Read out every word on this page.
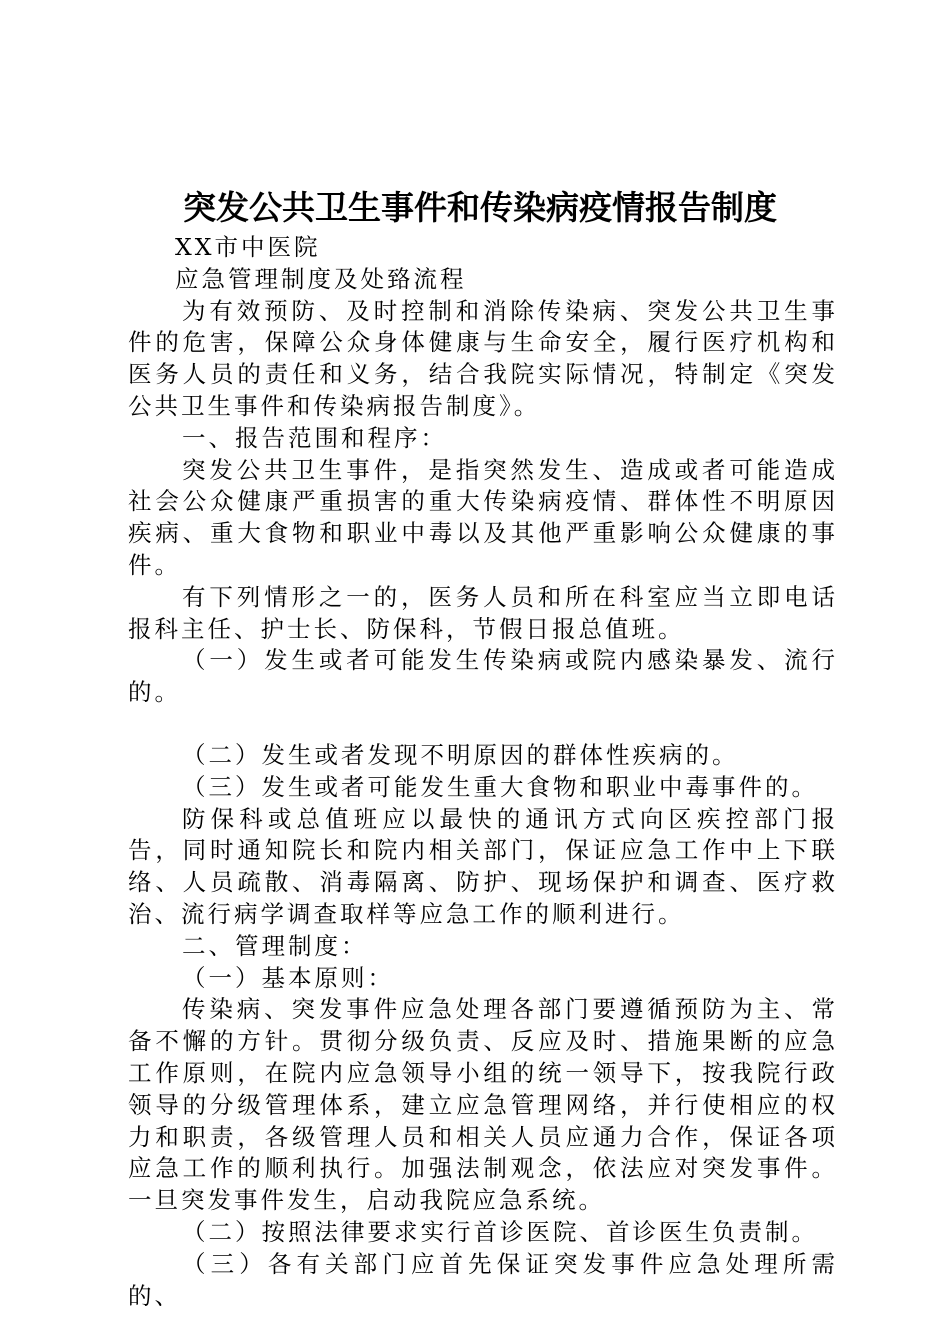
突发公共卫生事件和传染病疫情报告制度

XX市中医院

应急管理制度及处臵流程

为有效预防、及时控制和消除传染病、突发公共卫生事件的危害，保障公众身体健康与生命安全，履行医疗机构和医务人员的责任和义务，结合我院实际情况，特制定《突发公共卫生事件和传染病报告制度》。

一、报告范围和程序：

突发公共卫生事件，是指突然发生、造成或者可能造成社会公众健康严重损害的重大传染病疫情、群体性不明原因疾病、重大食物和职业中毒以及其他严重影响公众健康的事件。

有下列情形之一的，医务人员和所在科室应当立即电话报科主任、护士长、防保科，节假日报总值班。

（一）发生或者可能发生传染病或院内感染暴发、流行的。

（二）发生或者发现不明原因的群体性疾病的。

（三）发生或者可能发生重大食物和职业中毒事件的。

防保科或总值班应以最快的通讯方式向区疾控部门报告，同时通知院长和院内相关部门，保证应急工作中上下联络、人员疏散、消毒隔离、防护、现场保护和调查、医疗救治、流行病学调查取样等应急工作的顺利进行。

二、管理制度：

（一）基本原则：

传染病、突发事件应急处理各部门要遵循预防为主、常备不懈的方针。贯彻分级负责、反应及时、措施果断的应急工作原则，在院内应急领导小组的统一领导下，按我院行政领导的分级管理体系，建立应急管理网络，并行使相应的权力和职责，各级管理人员和相关人员应通力合作，保证各项应急工作的顺利执行。加强法制观念，依法应对突发事件。一旦突发事件发生，启动我院应急系统。

（二）按照法律要求实行首诊医院、首诊医生负责制。

（三）各有关部门应首先保证突发事件应急处理所需的、
